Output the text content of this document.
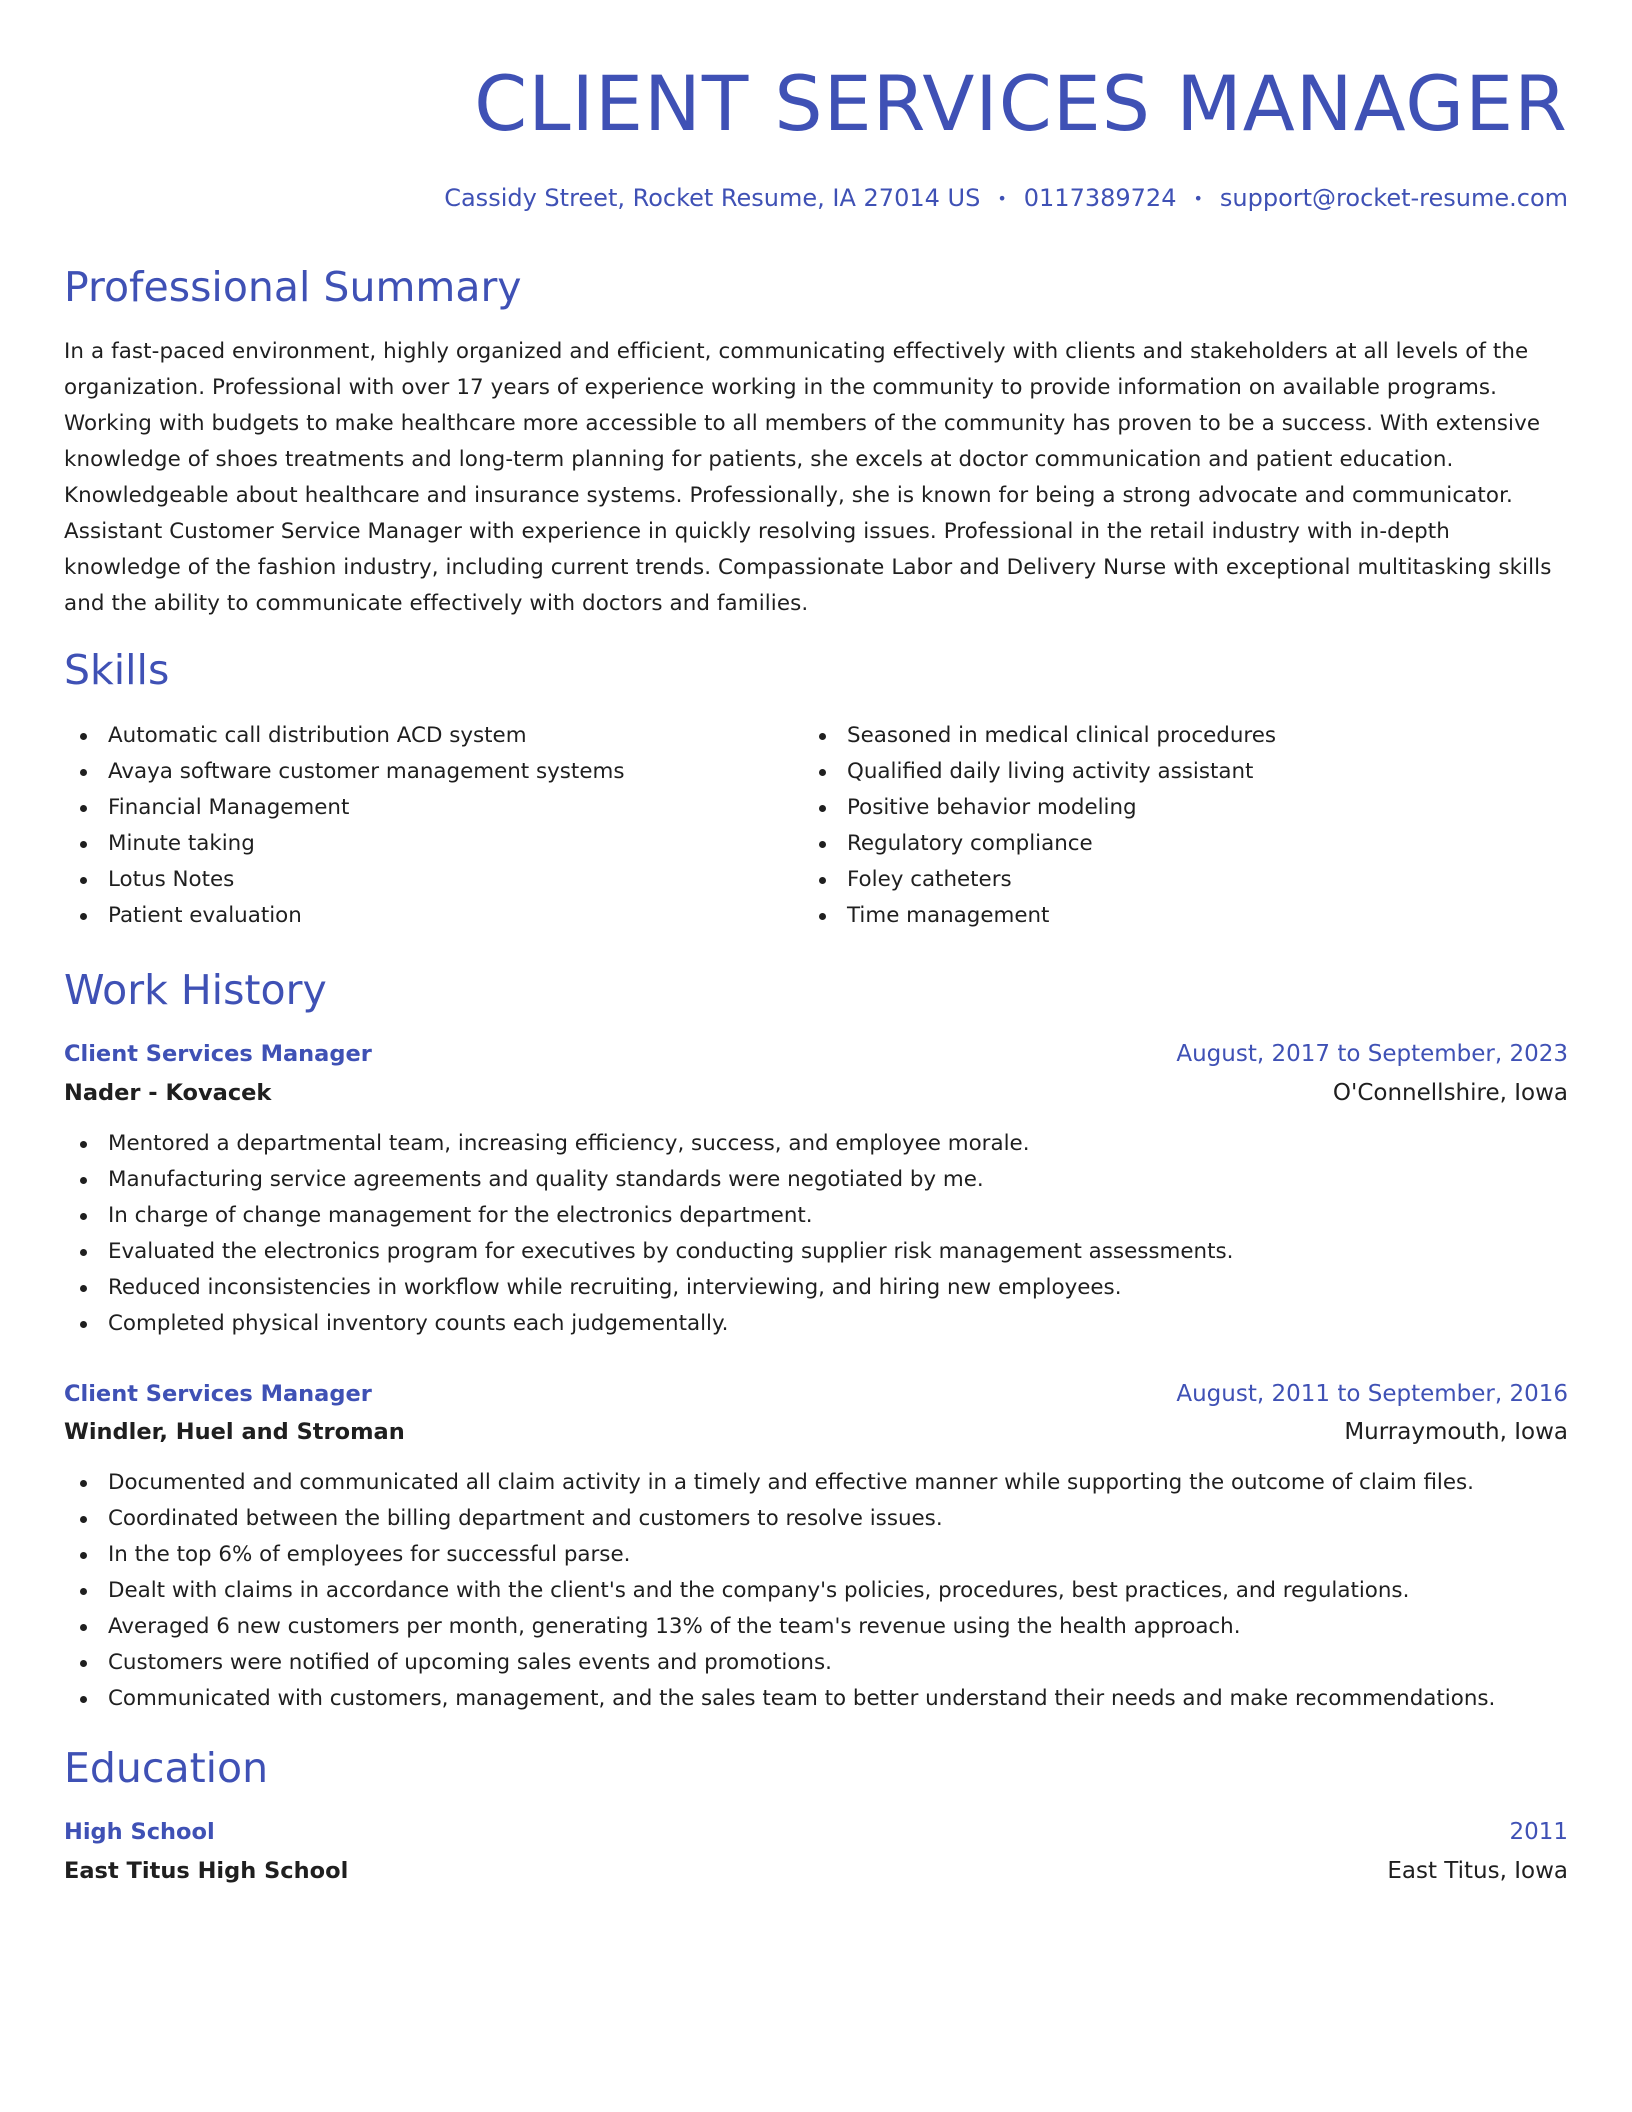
CLIENT SERVICES MANAGER
Cassidy Street, Rocket Resume, IA 27014 US • 0117389724 • support@rocket-resume.com
Professional Summary

In a fast-paced environment, highly organized and efficient, communicating effectively with clients and stakeholders at all levels of the organization. Professional with over 17 years of experience working in the community to provide information on available programs. Working with budgets to make healthcare more accessible to all members of the community has proven to be a success. With extensive knowledge of shoes treatments and long-term planning for patients, she excels at doctor communication and patient education. Knowledgeable about healthcare and insurance systems. Professionally, she is known for being a strong advocate and communicator. Assistant Customer Service Manager with experience in quickly resolving issues. Professional in the retail industry with in-depth knowledge of the fashion industry, including current trends. Compassionate Labor and Delivery Nurse with exceptional multitasking skills and the ability to communicate effectively with doctors and families.

Skills
Automatic call distribution ACD system
Avaya software customer management systems
Financial Management
Minute taking
Lotus Notes
Patient evaluation
Seasoned in medical clinical procedures
Qualified daily living activity assistant
Positive behavior modeling
Regulatory compliance
Foley catheters
Time management
Work History
Client Services Manager	August, 2017 to September, 2023
Nader - Kovacek	O'Connellshire, Iowa
Mentored a departmental team, increasing efficiency, success, and employee morale.
Manufacturing service agreements and quality standards were negotiated by me.
In charge of change management for the electronics department.
Evaluated the electronics program for executives by conducting supplier risk management assessments.
Reduced inconsistencies in workflow while recruiting, interviewing, and hiring new employees.
Completed physical inventory counts each judgementally.
Client Services Manager	August, 2011 to September, 2016
Windler, Huel and Stroman	Murraymouth, Iowa
Documented and communicated all claim activity in a timely and effective manner while supporting the outcome of claim files.
Coordinated between the billing department and customers to resolve issues.
In the top 6% of employees for successful parse.
Dealt with claims in accordance with the client's and the company's policies, procedures, best practices, and regulations.
Averaged 6 new customers per month, generating 13% of the team's revenue using the health approach.
Customers were notified of upcoming sales events and promotions.
Communicated with customers, management, and the sales team to better understand their needs and make recommendations.
Education
High School	2011
East Titus High School	East Titus, Iowa
